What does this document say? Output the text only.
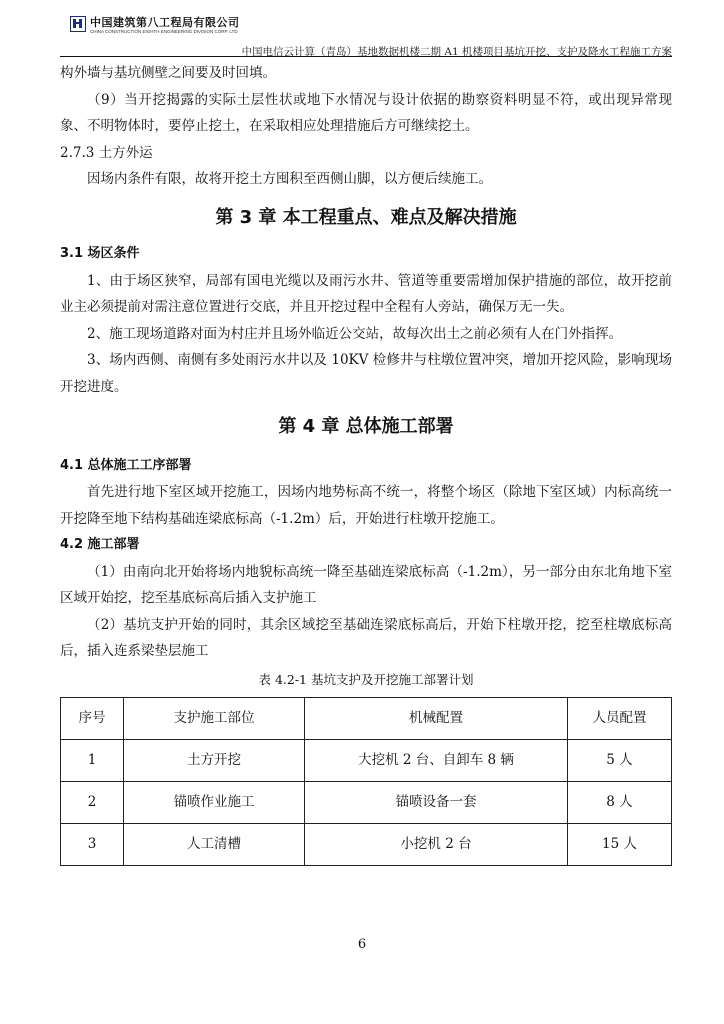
中国建筑第八工程局有限公司
CHINA CONSTRUCTION EIGHTH ENGINEERING DIVISION CORP. LTD
中国电信云计算（青岛）基地数据机楼二期 A1 机楼项目基坑开挖、支护及降水工程施工方案

构外墙与基坑侧壁之间要及时回填。

（9）当开挖揭露的实际土层性状或地下水情况与设计依据的勘察资料明显不符，或出现异常现象、不明物体时，要停止挖土，在采取相应处理措施后方可继续挖土。

2.7.3 土方外运

因场内条件有限，故将开挖土方囤积至西侧山脚，以方便后续施工。

第 3 章 本工程重点、难点及解决措施

3.1 场区条件

1、由于场区狭窄，局部有国电光缆以及雨污水井、管道等重要需增加保护措施的部位，故开挖前业主必须提前对需注意位置进行交底，并且开挖过程中全程有人旁站，确保万无一失。

2、施工现场道路对面为村庄并且场外临近公交站，故每次出土之前必须有人在门外指挥。

3、场内西侧、南侧有多处雨污水井以及 10KV 检修井与柱墩位置冲突，增加开挖风险，影响现场开挖进度。

第 4 章 总体施工部署

4.1 总体施工工序部署

首先进行地下室区域开挖施工，因场内地势标高不统一，将整个场区（除地下室区域）内标高统一开挖降至地下结构基础连梁底标高（-1.2m）后，开始进行柱墩开挖施工。

4.2 施工部署

（1）由南向北开始将场内地貌标高统一降至基础连梁底标高（-1.2m），另一部分由东北角地下室区域开始挖，挖至基底标高后插入支护施工

（2）基坑支护开始的同时，其余区域挖至基础连梁底标高后，开始下柱墩开挖，挖至柱墩底标高后，插入连系梁垫层施工

表 4.2-1 基坑支护及开挖施工部署计划

序号	支护施工部位	机械配置	人员配置
1	土方开挖	大挖机 2 台、自卸车 8 辆	5 人
2	锚喷作业施工	锚喷设备一套	8 人
3	人工清槽	小挖机 2 台	15 人
6
